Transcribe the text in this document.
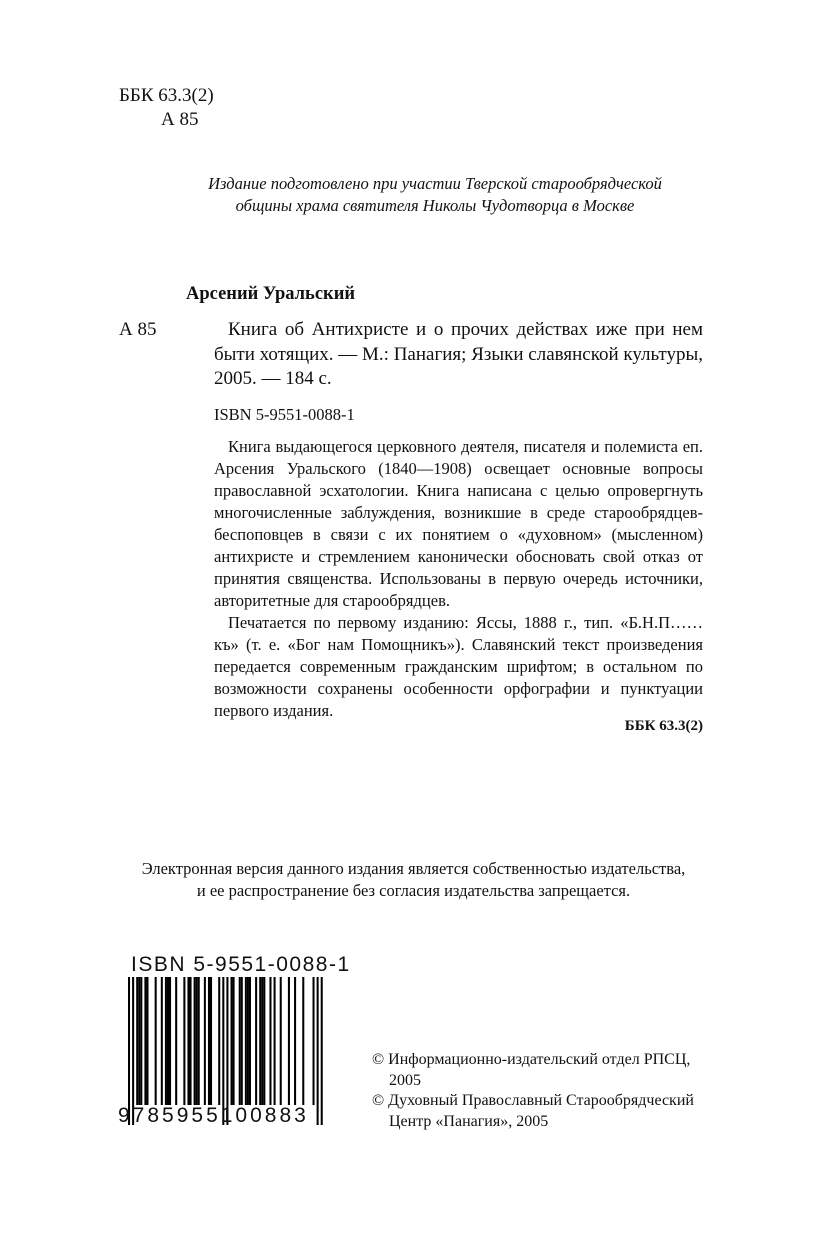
ББК 63.3(2)
А 85
Издание подготовлено при участии Тверской старообрядческой
общины храма святителя Николы Чудотворца в Москве
Арсений Уральский
А 85	Книга об Антихристе и о прочих действах иже при нем быти хотящих. — М.: Панагия; Языки славянской культуры, 2005. — 184 с.
ISBN 5-9551-0088-1

Книга выдающегося церковного деятеля, писателя и полемиста еп. Арсения Уральского (1840—1908) освещает основные вопросы православной эсхатологии. Книга написана с целью опровергнуть многочисленные заблуждения, возникшие в среде старообрядцев-беспоповцев в связи с их понятием о «духовном» (мысленном) антихристе и стремлением канонически обосновать свой отказ от принятия священства. Использованы в первую очередь источники, авторитетные для старообрядцев.

Печатается по первому изданию: Яссы, 1888 г., тип. «Б.Н.П……къ» (т. е. «Бог нам Помощникъ»). Славянский текст произведения передается современным гражданским шрифтом; в остальном по возможности сохранены особенности орфографии и пунктуации первого издания.

ББК 63.3(2)
Электронная версия данного издания является собственностью издательства,
и ее распространение без согласия издательства запрещается.
ISBN 5-9551-0088-1
9785955100883
© Информационно-издательский отдел РПСЦ,
2005
© Духовный Православный Старообрядческий
Центр «Панагия», 2005
